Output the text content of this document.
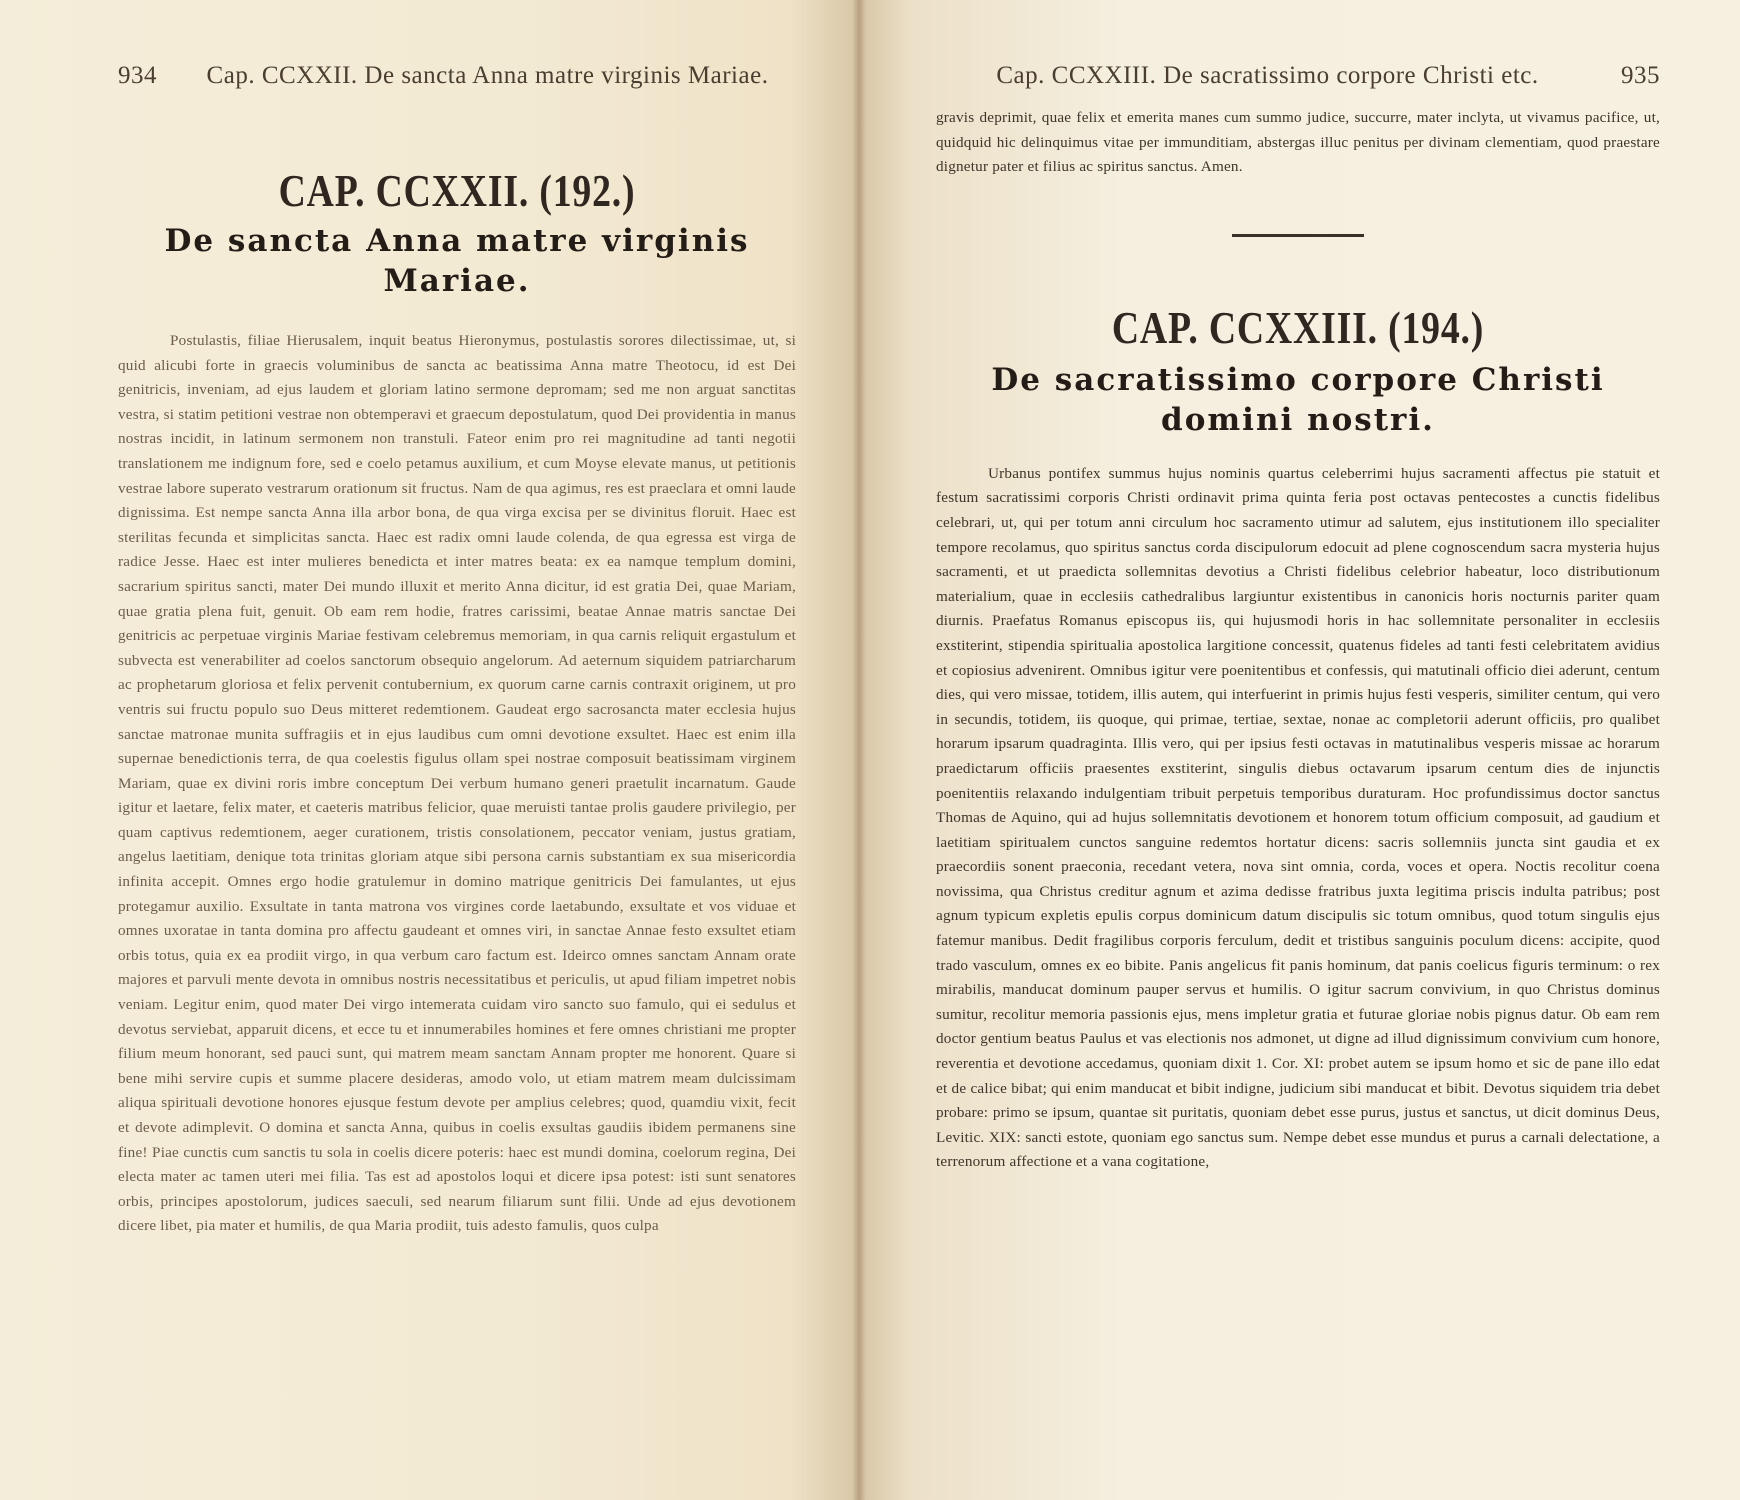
934	Cap. CCXXII. De sancta Anna matre virginis Mariae.
CAP. CCXXII. (192.)
De sancta Anna matre virginis Mariae.
Postulastis, filiae Hierusalem, inquit beatus Hieronymus, postulastis sorores dilectissimae, ut, si quid alicubi forte in graecis voluminibus de sancta ac beatissima Anna matre Theotocu, id est Dei genitricis, inveniam, ad ejus laudem et gloriam latino sermone depromam; sed me non arguat sanctitas vestra, si statim petitioni vestrae non obtemperavi et graecum depostulatum, quod Dei providentia in manus nostras incidit, in latinum sermonem non transtuli. Fateor enim pro rei magnitudine ad tanti negotii translationem me indignum fore, sed e coelo petamus auxilium, et cum Moyse elevate manus, ut petitionis vestrae labore superato vestrarum orationum sit fructus. Nam de qua agimus, res est praeclara et omni laude dignissima. Est nempe sancta Anna illa arbor bona, de qua virga excisa per se divinitus floruit. Haec est sterilitas fecunda et simplicitas sancta. Haec est radix omni laude colenda, de qua egressa est virga de radice Jesse. Haec est inter mulieres benedicta et inter matres beata: ex ea namque templum domini, sacrarium spiritus sancti, mater Dei mundo illuxit et merito Anna dicitur, id est gratia Dei, quae Mariam, quae gratia plena fuit, genuit. Ob eam rem hodie, fratres carissimi, beatae Annae matris sanctae Dei genitricis ac perpetuae virginis Mariae festivam celebremus memoriam, in qua carnis reliquit ergastulum et subvecta est venerabiliter ad coelos sanctorum obsequio angelorum. Ad aeternum siquidem patriarcharum ac prophetarum gloriosa et felix pervenit contubernium, ex quorum carne carnis contraxit originem, ut pro ventris sui fructu populo suo Deus mitteret redemtionem. Gaudeat ergo sacrosancta mater ecclesia hujus sanctae matronae munita suffragiis et in ejus laudibus cum omni devotione exsultet. Haec est enim illa supernae benedictionis terra, de qua coelestis figulus ollam spei nostrae composuit beatissimam virginem Mariam, quae ex divini roris imbre conceptum Dei verbum humano generi praetulit incarnatum. Gaude igitur et laetare, felix mater, et caeteris matribus felicior, quae meruisti tantae prolis gaudere privilegio, per quam captivus redemtionem, aeger curationem, tristis consolationem, peccator veniam, justus gratiam, angelus laetitiam, denique tota trinitas gloriam atque sibi persona carnis substantiam ex sua misericordia infinita accepit. Omnes ergo hodie gratulemur in domino matrique genitricis Dei famulantes, ut ejus protegamur auxilio. Exsultate in tanta matrona vos virgines corde laetabundo, exsultate et vos viduae et omnes uxoratae in tanta domina pro affectu gaudeant et omnes viri, in sanctae Annae festo exsultet etiam orbis totus, quia ex ea prodiit virgo, in qua verbum caro factum est. Ideirco omnes sanctam Annam orate majores et parvuli mente devota in omnibus nostris necessitatibus et periculis, ut apud filiam impetret nobis veniam. Legitur enim, quod mater Dei virgo intemerata cuidam viro sancto suo famulo, qui ei sedulus et devotus serviebat, apparuit dicens, et ecce tu et innumerabiles homines et fere omnes christiani me propter filium meum honorant, sed pauci sunt, qui matrem meam sanctam Annam propter me honorent. Quare si bene mihi servire cupis et summe placere desideras, amodo volo, ut etiam matrem meam dulcissimam aliqua spirituali devotione honores ejusque festum devote per amplius celebres; quod, quamdiu vixit, fecit et devote adimplevit. O domina et sancta Anna, quibus in coelis exsultas gaudiis ibidem permanens sine fine! Piae cunctis cum sanctis tu sola in coelis dicere poteris: haec est mundi domina, coelorum regina, Dei electa mater ac tamen uteri mei filia. Tas est ad apostolos loqui et dicere ipsa potest: isti sunt senatores orbis, principes apostolorum, judices saeculi, sed nearum filiarum sunt filii. Unde ad ejus devotionem dicere libet, pia mater et humilis, de qua Maria prodiit, tuis adesto famulis, quos culpa
Cap. CCXXIII. De sacratissimo corpore Christi etc.	935
gravis deprimit, quae felix et emerita manes cum summo judice, succurre, mater inclyta, ut vivamus pacifice, ut, quidquid hic delinquimus vitae per immunditiam, abstergas illuc penitus per divinam clementiam, quod praestare dignetur pater et filius ac spiritus sanctus. Amen.
CAP. CCXXIII. (194.)
De sacratissimo corpore Christi
domini nostri.
Urbanus pontifex summus hujus nominis quartus celeberrimi hujus sacramenti affectus pie statuit et festum sacratissimi corporis Christi ordinavit prima quinta feria post octavas pentecostes a cunctis fidelibus celebrari, ut, qui per totum anni circulum hoc sacramento utimur ad salutem, ejus institutionem illo specialiter tempore recolamus, quo spiritus sanctus corda discipulorum edocuit ad plene cognoscendum sacra mysteria hujus sacramenti, et ut praedicta sollemnitas devotius a Christi fidelibus celebrior habeatur, loco distributionum materialium, quae in ecclesiis cathedralibus largiuntur existentibus in canonicis horis nocturnis pariter quam diurnis. Praefatus Romanus episcopus iis, qui hujusmodi horis in hac sollemnitate personaliter in ecclesiis exstiterint, stipendia spiritualia apostolica largitione concessit, quatenus fideles ad tanti festi celebritatem avidius et copiosius advenirent. Omnibus igitur vere poenitentibus et confessis, qui matutinali officio diei aderunt, centum dies, qui vero missae, totidem, illis autem, qui interfuerint in primis hujus festi vesperis, similiter centum, qui vero in secundis, totidem, iis quoque, qui primae, tertiae, sextae, nonae ac completorii aderunt officiis, pro qualibet horarum ipsarum quadraginta. Illis vero, qui per ipsius festi octavas in matutinalibus vesperis missae ac horarum praedictarum officiis praesentes exstiterint, singulis diebus octavarum ipsarum centum dies de injunctis poenitentiis relaxando indulgentiam tribuit perpetuis temporibus duraturam. Hoc profundissimus doctor sanctus Thomas de Aquino, qui ad hujus sollemnitatis devotionem et honorem totum officium composuit, ad gaudium et laetitiam spiritualem cunctos sanguine redemtos hortatur dicens: sacris sollemniis juncta sint gaudia et ex praecordiis sonent praeconia, recedant vetera, nova sint omnia, corda, voces et opera. Noctis recolitur coena novissima, qua Christus creditur agnum et azima dedisse fratribus juxta legitima priscis indulta patribus; post agnum typicum expletis epulis corpus dominicum datum discipulis sic totum omnibus, quod totum singulis ejus fatemur manibus. Dedit fragilibus corporis ferculum, dedit et tristibus sanguinis poculum dicens: accipite, quod trado vasculum, omnes ex eo bibite. Panis angelicus fit panis hominum, dat panis coelicus figuris terminum: o rex mirabilis, manducat dominum pauper servus et humilis. O igitur sacrum convivium, in quo Christus dominus sumitur, recolitur memoria passionis ejus, mens impletur gratia et futurae gloriae nobis pignus datur. Ob eam rem doctor gentium beatus Paulus et vas electionis nos admonet, ut digne ad illud dignissimum convivium cum honore, reverentia et devotione accedamus, quoniam dixit 1. Cor. XI: probet autem se ipsum homo et sic de pane illo edat et de calice bibat; qui enim manducat et bibit indigne, judicium sibi manducat et bibit. Devotus siquidem tria debet probare: primo se ipsum, quantae sit puritatis, quoniam debet esse purus, justus et sanctus, ut dicit dominus Deus, Levitic. XIX: sancti estote, quoniam ego sanctus sum. Nempe debet esse mundus et purus a carnali delectatione, a terrenorum affectione et a vana cogitatione,
